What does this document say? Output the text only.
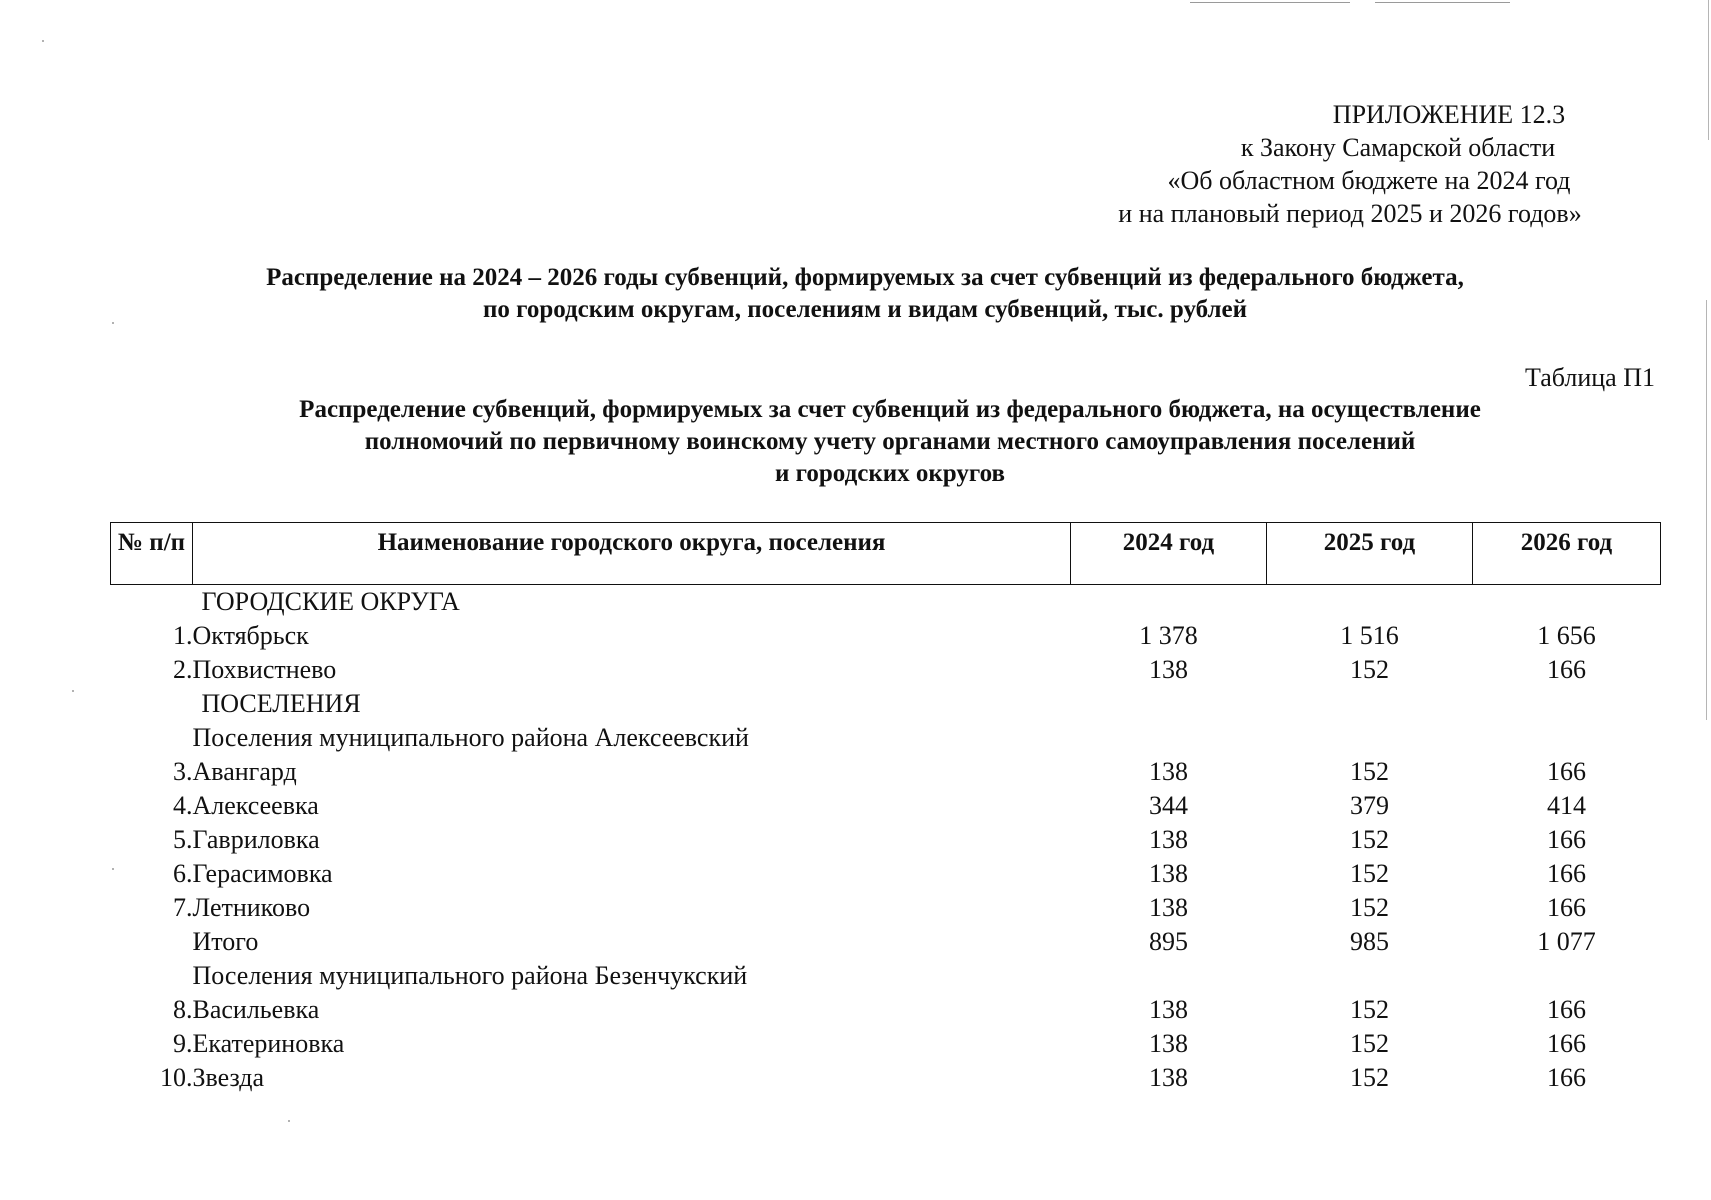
ПРИЛОЖЕНИЕ 12.3
к Закону Самарской области
«Об областном бюджете на 2024 год
и на плановый период 2025 и 2026 годов»
Распределение на 2024 – 2026 годы субвенций, формируемых за счет субвенций из федерального бюджета,
по городским округам, поселениям и видам субвенций, тыс. рублей
Таблица П1
Распределение субвенций, формируемых за счет субвенций из федерального бюджета, на осуществление
полномочий по первичному воинскому учету органами местного самоуправления поселений
и городских округов
№ п/п	Наименование городского округа, поселения	2024 год	2025 год	2026 год
	ГОРОДСКИЕ ОКРУГА			
1.	Октябрьск	1 378	1 516	1 656
2.	Похвистнево	138	152	166
	ПОСЕЛЕНИЯ			
	Поселения муниципального района Алексеевский			
3.	Авангард	138	152	166
4.	Алексеевка	344	379	414
5.	Гавриловка	138	152	166
6.	Герасимовка	138	152	166
7.	Летниково	138	152	166
	Итого	895	985	1 077
	Поселения муниципального района Безенчукский			
8.	Васильевка	138	152	166
9.	Екатериновка	138	152	166
10.	Звезда	138	152	166
